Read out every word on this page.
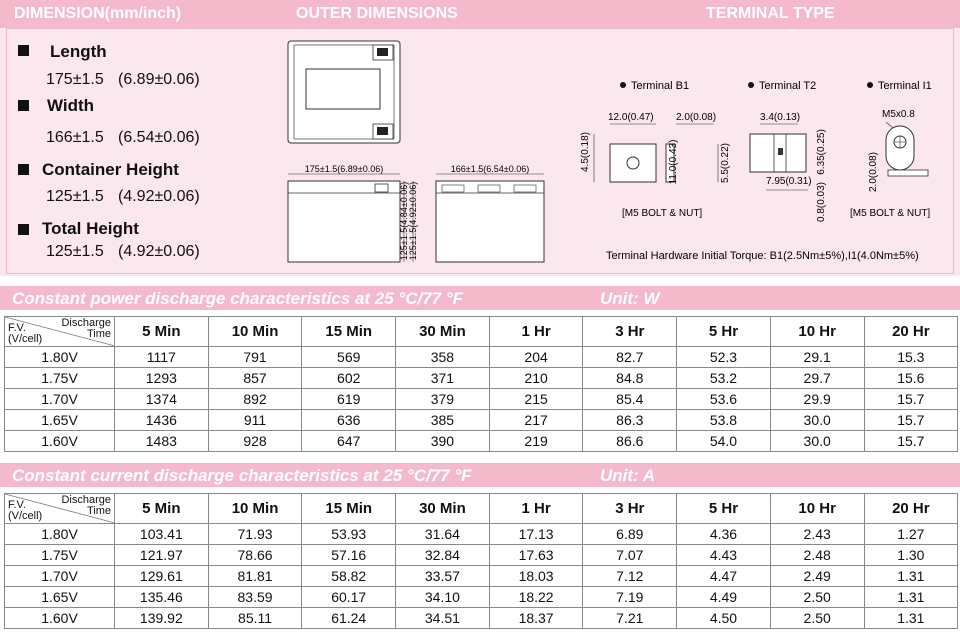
DIMENSION(mm/inch)	OUTER DIMENSIONS	TERMINAL TYPE
Length
175±1.5 (6.89±0.06)
Width
166±1.5 (6.54±0.06)
Container Height
125±1.5 (4.92±0.06)
Total Height
125±1.5 (4.92±0.06)
175±1.5(6.89±0.06)
125±1.5(4.84±0.06) 125±1.5(4.92±0.06)
166±1.5(6.54±0.06)
Terminal B1
12.0(0.47) 2.0(0.08)
4.5(0.18)	11.0(0.43)	5.5(0.22)
[M5 BOLT & NUT]
Terminal T2
3.4(0.13)
6.35(0.25)
7.95(0.31)
0.8(0.03)
Terminal I1
M5x0.8
2.0(0.08)
[M5 BOLT & NUT]
Terminal Hardware Initial Torque: B1(2.5Nm±5%),I1(4.0Nm±5%)
Constant power discharge characteristics at 25 °C/77 °F	Unit: W
Discharge
Time
F.V.
(V/cell)	5 Min	10 Min	15 Min	30 Min	1 Hr	3 Hr	5 Hr	10 Hr	20 Hr
1.80V	1117	791	569	358	204	82.7	52.3	29.1	15.3
1.75V	1293	857	602	371	210	84.8	53.2	29.7	15.6
1.70V	1374	892	619	379	215	85.4	53.6	29.9	15.7
1.65V	1436	911	636	385	217	86.3	53.8	30.0	15.7
1.60V	1483	928	647	390	219	86.6	54.0	30.0	15.7
Constant current discharge characteristics at 25 °C/77 °F	Unit: A
Discharge
Time
F.V.
(V/cell)	5 Min	10 Min	15 Min	30 Min	1 Hr	3 Hr	5 Hr	10 Hr	20 Hr
1.80V	103.41	71.93	53.93	31.64	17.13	6.89	4.36	2.43	1.27
1.75V	121.97	78.66	57.16	32.84	17.63	7.07	4.43	2.48	1.30
1.70V	129.61	81.81	58.82	33.57	18.03	7.12	4.47	2.49	1.31
1.65V	135.46	83.59	60.17	34.10	18.22	7.19	4.49	2.50	1.31
1.60V	139.92	85.11	61.24	34.51	18.37	7.21	4.50	2.50	1.31
